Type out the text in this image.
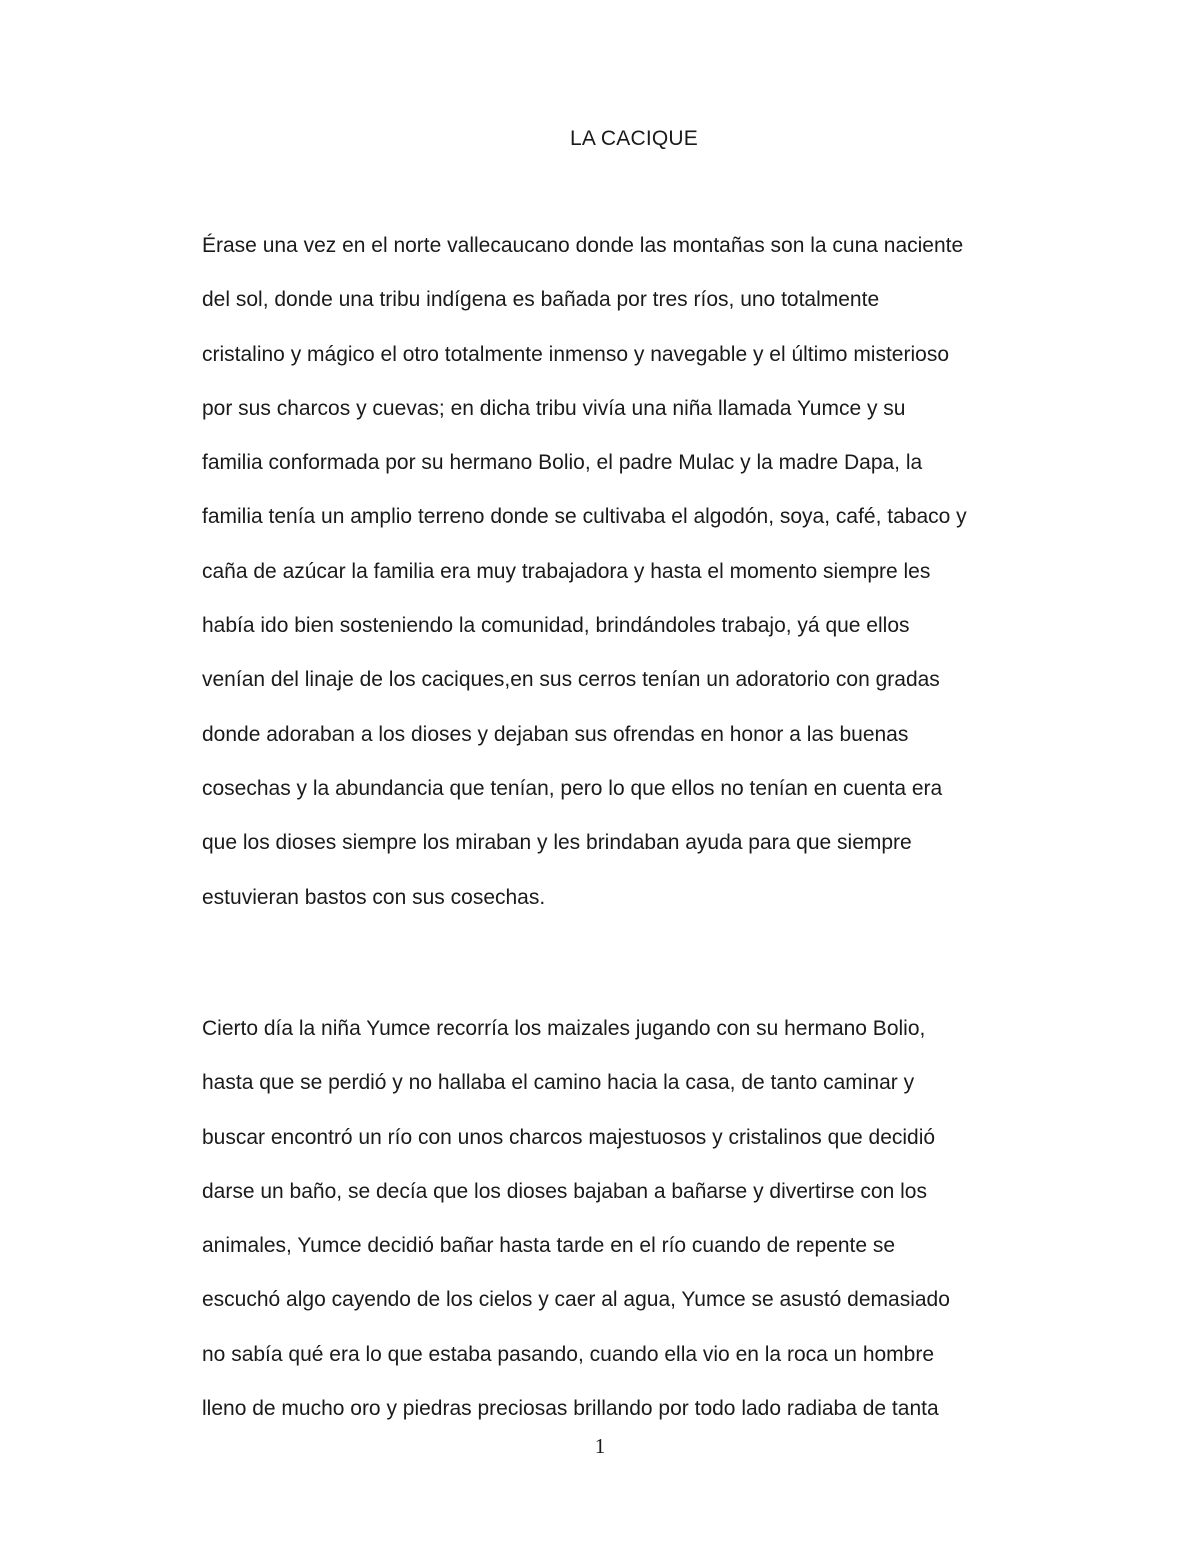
LA CACIQUE

Érase una vez en el norte vallecaucano donde las montañas son la cuna naciente
del sol, donde una tribu indígena es bañada por tres ríos, uno totalmente
cristalino y mágico el otro totalmente inmenso y navegable y el último misterioso
por sus charcos y cuevas; en dicha tribu vivía una niña llamada Yumce y su
familia conformada por su hermano Bolio, el padre Mulac y la madre Dapa, la
familia tenía un amplio terreno donde se cultivaba el algodón, soya, café, tabaco y
caña de azúcar la familia era muy trabajadora y hasta el momento siempre les
había ido bien sosteniendo la comunidad, brindándoles trabajo, yá que ellos
venían del linaje de los caciques,en sus cerros tenían un adoratorio con gradas
donde adoraban a los dioses y dejaban sus ofrendas en honor a las buenas
cosechas y la abundancia que tenían, pero lo que ellos no tenían en cuenta era
que los dioses siempre los miraban y les brindaban ayuda para que siempre
estuvieran bastos con sus cosechas.

Cierto día la niña Yumce recorría los maizales jugando con su hermano Bolio,
hasta que se perdió y no hallaba el camino hacia la casa, de tanto caminar y
buscar encontró un río con unos charcos majestuosos y cristalinos que decidió
darse un baño, se decía que los dioses bajaban a bañarse y divertirse con los
animales, Yumce decidió bañar hasta tarde en el río cuando de repente se
escuchó algo cayendo de los cielos y caer al agua, Yumce se asustó demasiado
no sabía qué era lo que estaba pasando, cuando ella vio en la roca un hombre
lleno de mucho oro y piedras preciosas brillando por todo lado radiaba de tanta

1
